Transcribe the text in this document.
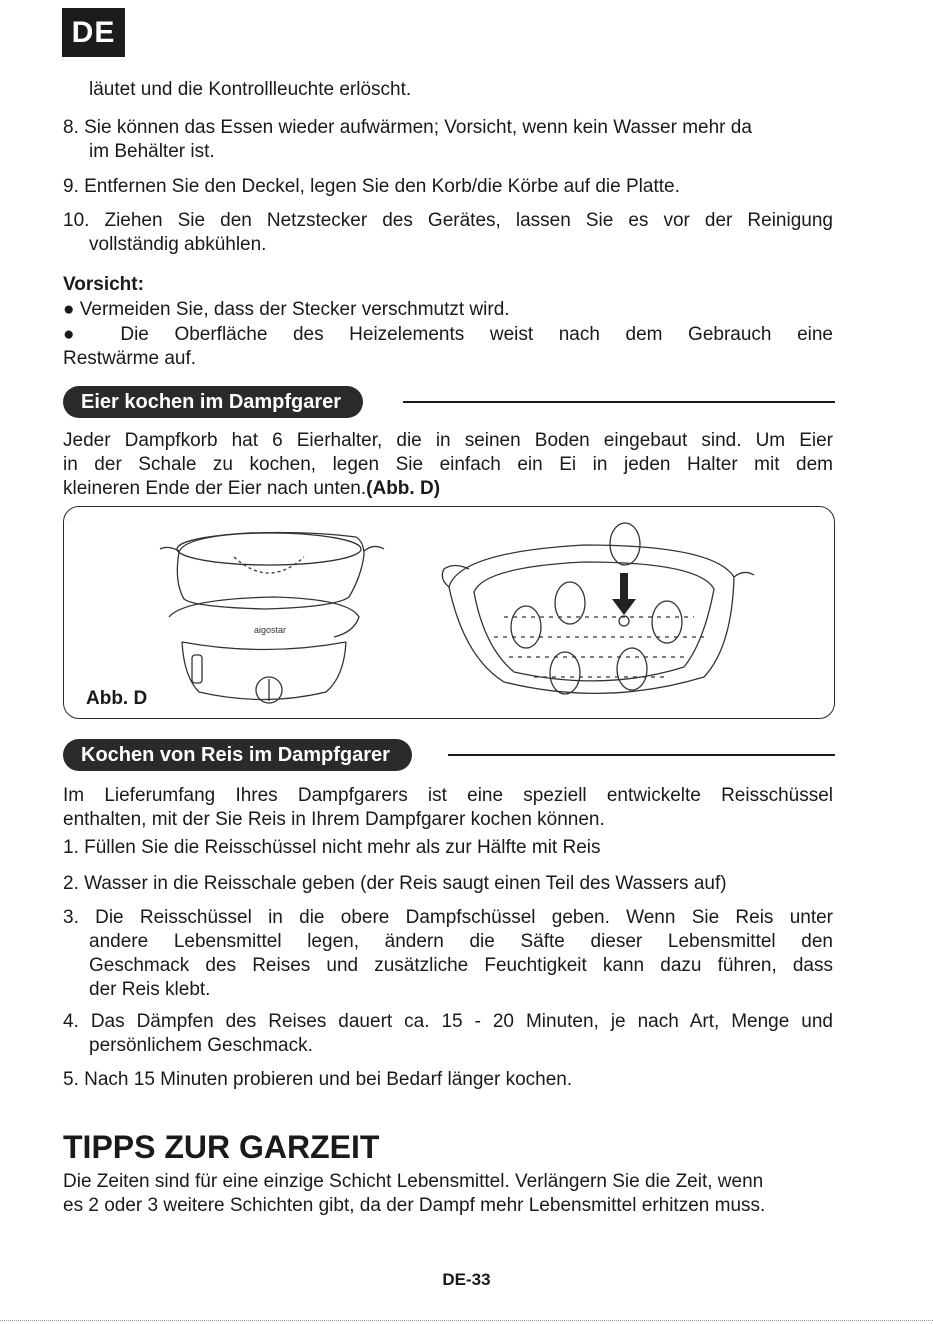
DE
läutet und die Kontrollleuchte erlöscht.
8. Sie können das Essen wieder aufwärmen; Vorsicht, wenn kein Wasser mehr da
im Behälter ist.
9. Entfernen Sie den Deckel, legen Sie den Korb/die Körbe auf die Platte.
10. Ziehen Sie den Netzstecker des Gerätes, lassen Sie es vor der Reinigung
vollständig abkühlen.
Vorsicht:
● Vermeiden Sie, dass der Stecker verschmutzt wird.
● Die Oberfläche des Heizelements weist nach dem Gebrauch eine
Restwärme auf.
Eier kochen im Dampfgarer
Jeder Dampfkorb hat 6 Eierhalter, die in seinen Boden eingebaut sind. Um Eier
in der Schale zu kochen, legen Sie einfach ein Ei in jeden Halter mit dem
kleineren Ende der Eier nach unten.(Abb. D)
aigostar
Abb. D
Kochen von Reis im Dampfgarer
Im Lieferumfang Ihres Dampfgarers ist eine speziell entwickelte Reisschüssel
enthalten, mit der Sie Reis in Ihrem Dampfgarer kochen können.
1. Füllen Sie die Reisschüssel nicht mehr als zur Hälfte mit Reis
2. Wasser in die Reisschale geben (der Reis saugt einen Teil des Wassers auf)
3. Die Reisschüssel in die obere Dampfschüssel geben. Wenn Sie Reis unter
andere Lebensmittel legen, ändern die Säfte dieser Lebensmittel den
Geschmack des Reises und zusätzliche Feuchtigkeit kann dazu führen, dass
der Reis klebt.
4. Das Dämpfen des Reises dauert ca. 15 - 20 Minuten, je nach Art, Menge und
persönlichem Geschmack.
5. Nach 15 Minuten probieren und bei Bedarf länger kochen.
TIPPS ZUR GARZEIT
Die Zeiten sind für eine einzige Schicht Lebensmittel. Verlängern Sie die Zeit, wenn
es 2 oder 3 weitere Schichten gibt, da der Dampf mehr Lebensmittel erhitzen muss.
DE-33
